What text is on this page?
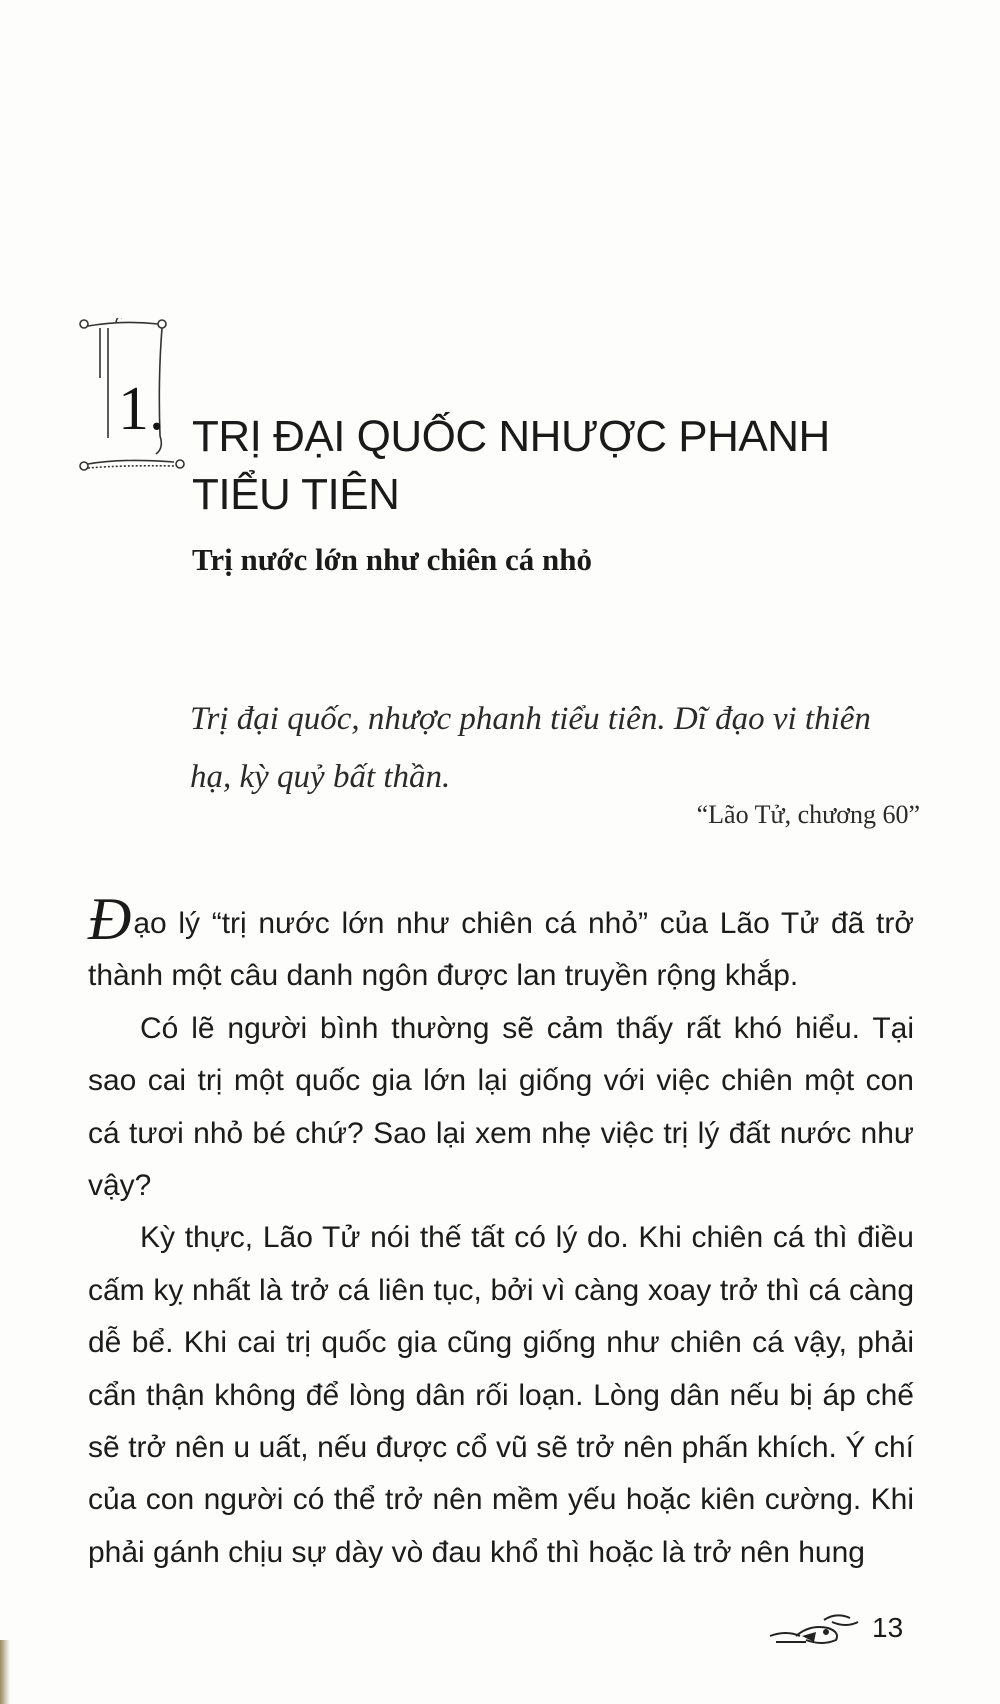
1. TRỊ ĐẠI QUỐC NHƯỢC PHANH
TIỂU TIÊN
Trị nước lớn như chiên cá nhỏ
Trị đại quốc, nhược phanh tiểu tiên. Dĩ đạo vi thiên hạ, kỳ quỷ bất thần.
“Lão Tử, chương 60”

Đạo lý “trị nước lớn như chiên cá nhỏ” của Lão Tử đã trở thành một câu danh ngôn được lan truyền rộng khắp.

Có lẽ người bình thường sẽ cảm thấy rất khó hiểu. Tại sao cai trị một quốc gia lớn lại giống với việc chiên một con cá tươi nhỏ bé chứ? Sao lại xem nhẹ việc trị lý đất nước như vậy?

Kỳ thực, Lão Tử nói thế tất có lý do. Khi chiên cá thì điều cấm kỵ nhất là trở cá liên tục, bởi vì càng xoay trở thì cá càng dễ bể. Khi cai trị quốc gia cũng giống như chiên cá vậy, phải cẩn thận không để lòng dân rối loạn. Lòng dân nếu bị áp chế sẽ trở nên u uất, nếu được cổ vũ sẽ trở nên phấn khích. Ý chí của con người có thể trở nên mềm yếu hoặc kiên cường. Khi phải gánh chịu sự dày vò đau khổ thì hoặc là trở nên hung

13
